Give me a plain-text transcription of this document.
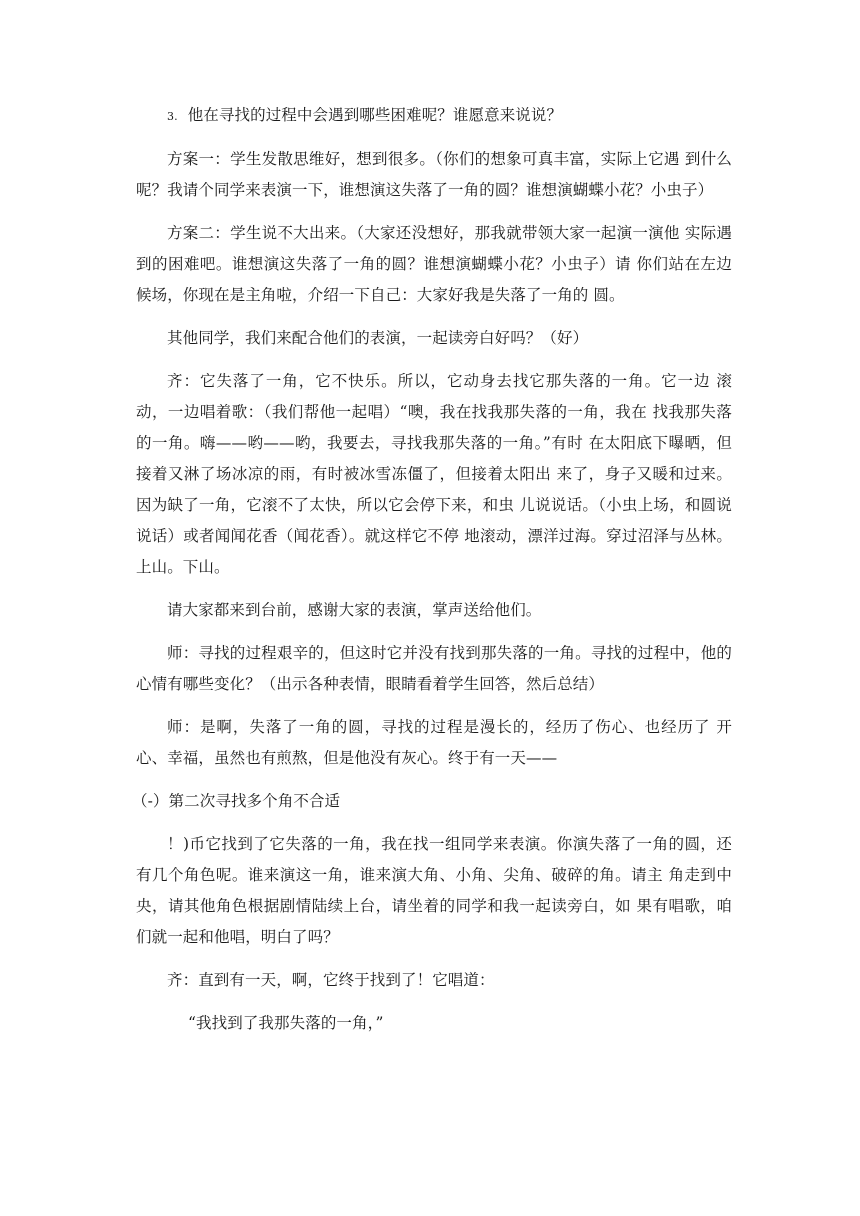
3. 他在寻找的过程中会遇到哪些困难呢？谁愿意来说说？

方案一：学生发散思维好，想到很多。（你们的想象可真丰富，实际上它遇 到什么呢？我请个同学来表演一下，谁想演这失落了一角的圆？谁想演蝴蝶小花？小虫子）

方案二：学生说不大出来。（大家还没想好，那我就带领大家一起演一演他 实际遇到的困难吧。谁想演这失落了一角的圆？谁想演蝴蝶小花？小虫子）请 你们站在左边候场，你现在是主角啦，介绍一下自己：大家好我是失落了一角的 圆。

其他同学，我们来配合他们的表演，一起读旁白好吗？（好）

齐：它失落了一角，它不快乐。所以，它动身去找它那失落的一角。它一边 滚动，一边唱着歌：（我们帮他一起唱）“噢，我在找我那失落的一角，我在 找我那失落的一角。嗨——哟——哟，我要去，寻找我那失落的一角。”有时 在太阳底下曝晒，但接着又淋了场冰凉的雨，有时被冰雪冻僵了，但接着太阳出 来了，身子又暖和过来。因为缺了一角，它滚不了太快，所以它会停下来，和虫 儿说说话。（小虫上场，和圆说说话）或者闻闻花香（闻花香）。就这样它不停 地滚动，漂洋过海。穿过沼泽与丛林。上山。下山。

请大家都来到台前，感谢大家的表演，掌声送给他们。

师：寻找的过程艰辛的，但这时它并没有找到那失落的一角。寻找的过程中，他的心情有哪些变化？（出示各种表情，眼睛看着学生回答，然后总结）

师：是啊，失落了一角的圆，寻找的过程是漫长的，经历了伤心、也经历了 开心、幸福，虽然也有煎熬，但是他没有灰心。终于有一天——

（-）第二次寻找多个角不合适

！)币它找到了它失落的一角，我在找一组同学来表演。你演失落了一角的圆，还有几个角色呢。谁来演这一角，谁来演大角、小角、尖角、破碎的角。请主 角走到中央，请其他角色根据剧情陆续上台，请坐着的同学和我一起读旁白，如 果有唱歌，咱们就一起和他唱，明白了吗？

齐：直到有一天，啊，它终于找到了！它唱道：

“我找到了我那失落的一角，”
